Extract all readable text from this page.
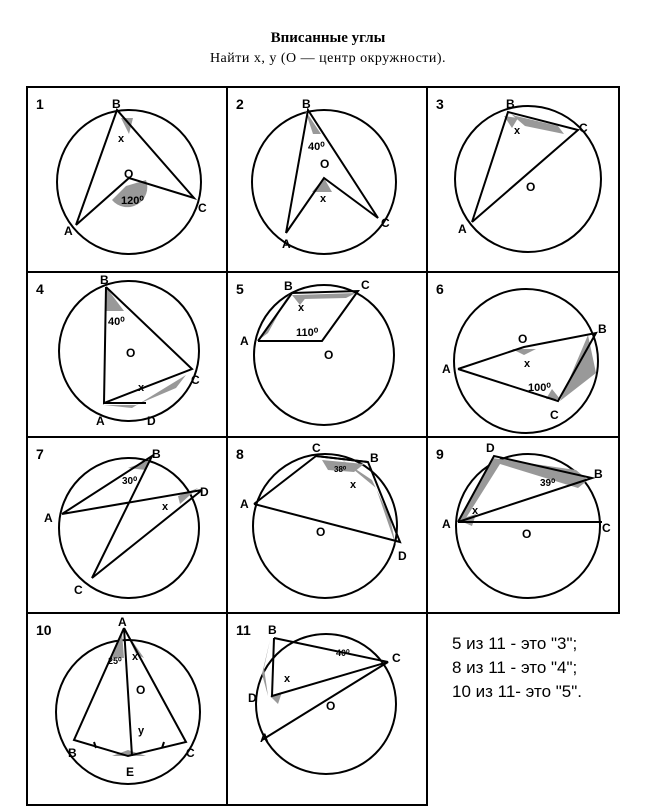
Вписанные углы
Найти x, y (O — центр окружности).
1	B
x
O
120⁰
A
C
2	B
40⁰
O
x
A
C
3	B
x	C
O
A
4
B
40⁰
O
x
C
A	D
5	B	C
x
110⁰
A
O
6
O
B
x
A
100⁰
C
7	B
30⁰
D
A
x
C
8	C
38⁰
B
x
A
O
D
9	D
B
39⁰
x
A
O	C
10	A
25⁰ x
O
y
B	C
E
11 B
40⁰	C
x
D
O
A
5 из 11 - это "3";
8 из 11 - это "4";
10 из 11- это "5".
